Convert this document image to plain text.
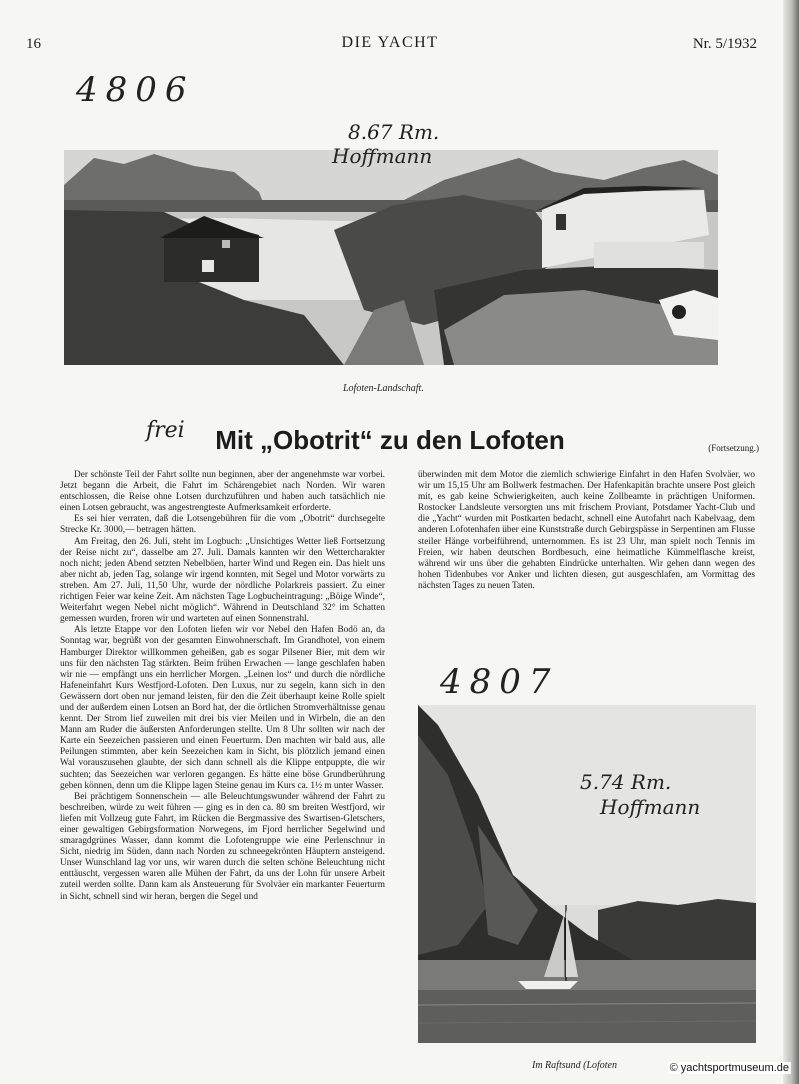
16	DIE YACHT	Nr. 5/1932
4806
8.67 Rm.
Hoffmann
Lofoten-Landschaft.
frei	Mit „Obotrit“ zu den Lofoten	(Fortsetzung.)

Der schönste Teil der Fahrt sollte nun beginnen, aber der angenehmste war vorbei. Jetzt begann die Arbeit, die Fahrt im Schärengebiet nach Norden. Wir waren entschlossen, die Reise ohne Lotsen durchzuführen und haben auch tatsächlich nie einen Lotsen gebraucht, was angestrengteste Aufmerksamkeit erforderte.

Es sei hier verraten, daß die Lotsengebühren für die vom „Obotrit“ durchsegelte Strecke Kr. 3000,— betragen hätten.

Am Freitag, den 26. Juli, steht im Logbuch: „Unsichtiges Wetter ließ Fortsetzung der Reise nicht zu“, dasselbe am 27. Juli. Damals kannten wir den Wettercharakter noch nicht; jeden Abend setzten Nebelböen, harter Wind und Regen ein. Das hielt uns aber nicht ab, jeden Tag, solange wir irgend konnten, mit Segel und Motor vorwärts zu streben. Am 27. Juli, 11,50 Uhr, wurde der nördliche Polarkreis passiert. Zu einer richtigen Feier war keine Zeit. Am nächsten Tage Logbucheintragung: „Böige Winde“, Weiterfahrt wegen Nebel nicht möglich“. Während in Deutschland 32° im Schatten gemessen wurden, froren wir und warteten auf einen Sonnenstrahl.

Als letzte Etappe vor den Lofoten liefen wir vor Nebel den Hafen Bodö an, da Sonntag war, begrüßt von der gesamten Einwohnerschaft. Im Grandhotel, von einem Hamburger Direktor willkommen geheißen, gab es sogar Pilsener Bier, mit dem wir uns für den nächsten Tag stärkten. Beim frühen Erwachen — lange geschlafen haben wir nie — empfängt uns ein herrlicher Morgen. „Leinen los“ und durch die nördliche Hafeneinfahrt Kurs Westfjord-Lofoten. Den Luxus, nur zu segeln, kann sich in den Gewässern dort oben nur jemand leisten, für den die Zeit überhaupt keine Rolle spielt und der außerdem einen Lotsen an Bord hat, der die örtlichen Stromverhältnisse genau kennt. Der Strom lief zuweilen mit drei bis vier Meilen und in Wirbeln, die an den Mann am Ruder die äußersten Anforderungen stellte. Um 8 Uhr sollten wir nach der Karte ein Seezeichen passieren und einen Feuerturm. Den machten wir bald aus, alle Peilungen stimmten, aber kein Seezeichen kam in Sicht, bis plötzlich jemand einen Wal vorauszusehen glaubte, der sich dann schnell als die Klippe entpuppte, die wir suchten; das Seezeichen war verloren gegangen. Es hätte eine böse Grundberührung geben können, denn um die Klippe lagen Steine genau im Kurs ca. 1½ m unter Wasser.

Bei prächtigem Sonnenschein — alle Beleuchtungswunder während der Fahrt zu beschreiben, würde zu weit führen — ging es in den ca. 80 sm breiten Westfjord, wir liefen mit Vollzeug gute Fahrt, im Rücken die Bergmassive des Swartisen-Gletschers, einer gewaltigen Gebirgsformation Norwegens, im Fjord herrlicher Segelwind und smaragdgrünes Wasser, dann kommt die Lofotengruppe wie eine Perlenschnur in Sicht, niedrig im Süden, dann nach Norden zu schneegekrönten Häuptern ansteigend. Unser Wunschland lag vor uns, wir waren durch die selten schöne Beleuchtung nicht enttäuscht, vergessen waren alle Mühen der Fahrt, da uns der Lohn für unsere Arbeit zuteil werden sollte. Dann kam als Ansteuerung für Svolväer ein markanter Feuerturm in Sicht, schnell sind wir heran, bergen die Segel und

überwinden mit dem Motor die ziemlich schwierige Einfahrt in den Hafen Svolväer, wo wir um 15,15 Uhr am Bollwerk festmachen. Der Hafenkapitän brachte unsere Post gleich mit, es gab keine Schwierigkeiten, auch keine Zollbeamte in prächtigen Uniformen. Rostocker Landsleute versorgten uns mit frischem Proviant, Potsdamer Yacht-Club und die „Yacht“ wurden mit Postkarten bedacht, schnell eine Autofahrt nach Kabelvaag, dem anderen Lofotenhafen über eine Kunststraße durch Gebirgspässe in Serpentinen am Flusse steiler Hänge vorbeiführend, unternommen. Es ist 23 Uhr, man spielt noch Tennis im Freien, wir haben deutschen Bordbesuch, eine heimatliche Kümmelflasche kreist, während wir uns über die gehabten Eindrücke unterhalten. Wir gehen dann wegen des hohen Tidenbubes vor Anker und lichten diesen, gut ausgeschlafen, am Vormittag des nächsten Tages zu neuen Taten.

4807
5.74 Rm.
Hoffmann
Im Raftsund (Lofoten	© yachtsportmuseum.de
